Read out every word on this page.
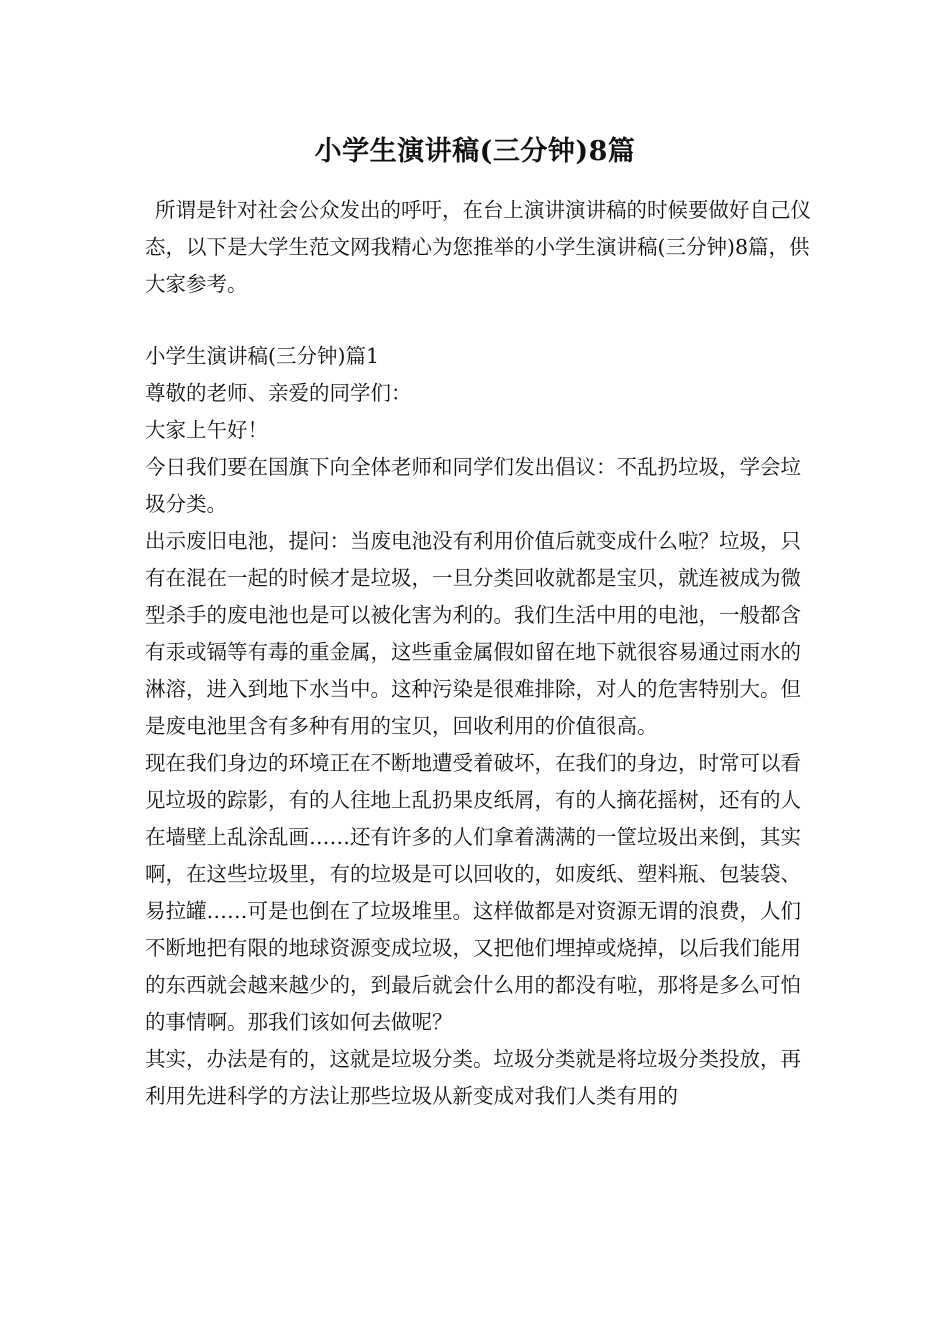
小学生演讲稿(三分钟)8篇

所谓是针对社会公众发出的呼吁，在台上演讲演讲稿的时候要做好自己仪态，以下是大学生范文网我精心为您推举的小学生演讲稿(三分钟)8篇，供大家参考。

小学生演讲稿(三分钟)篇1

尊敬的老师、亲爱的同学们：

大家上午好！

今日我们要在国旗下向全体老师和同学们发出倡议：不乱扔垃圾，学会垃圾分类。

出示废旧电池，提问：当废电池没有利用价值后就变成什么啦？垃圾，只有在混在一起的时候才是垃圾，一旦分类回收就都是宝贝，就连被成为微型杀手的废电池也是可以被化害为利的。我们生活中用的电池，一般都含有汞或镉等有毒的重金属，这些重金属假如留在地下就很容易通过雨水的淋溶，进入到地下水当中。这种污染是很难排除，对人的危害特别大。但是废电池里含有多种有用的宝贝，回收利用的价值很高。

现在我们身边的环境正在不断地遭受着破坏，在我们的身边，时常可以看见垃圾的踪影，有的人往地上乱扔果皮纸屑，有的人摘花摇树，还有的人在墙壁上乱涂乱画……还有许多的人们拿着满满的一筐垃圾出来倒，其实啊，在这些垃圾里，有的垃圾是可以回收的，如废纸、塑料瓶、包装袋、易拉罐……可是也倒在了垃圾堆里。这样做都是对资源无谓的浪费，人们不断地把有限的地球资源变成垃圾，又把他们埋掉或烧掉，以后我们能用的东西就会越来越少的，到最后就会什么用的都没有啦，那将是多么可怕的事情啊。那我们该如何去做呢？

其实，办法是有的，这就是垃圾分类。垃圾分类就是将垃圾分类投放，再利用先进科学的方法让那些垃圾从新变成对我们人类有用的
